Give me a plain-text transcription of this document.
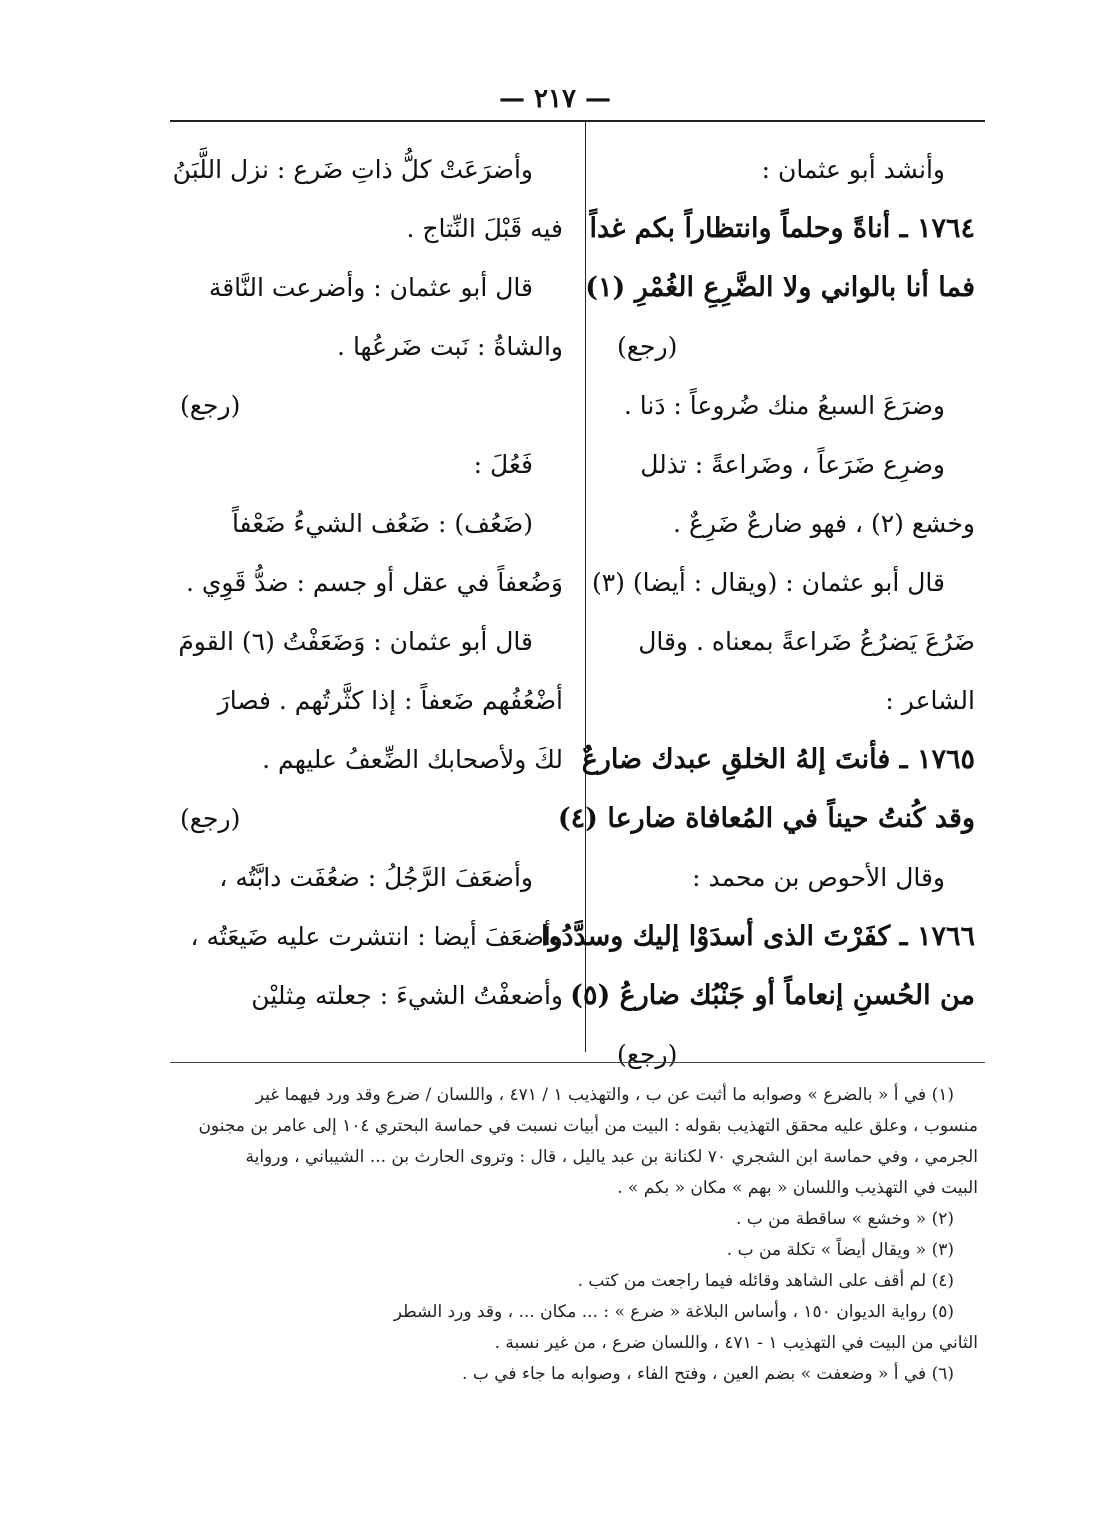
— ٢١٧ —
وأنشد أبو عثمان :
١٧٦٤ ـ أناةً وحلماً وانتظاراً بكم غداً
فما أنا بالواني ولا الضَّرِعِ الغُمْرِ (١)
(رجع)
وضرَعَ السبعُ منك ضُروعاً : دَنا .
وضرِع ضَرَعاً ، وضَراعةً : تذلل
وخشع (٢) ، فهو ضارعٌ ضَرِعٌ .
قال أبو عثمان : (ويقال : أيضا) (٣)
ضَرُعَ يَضرُعُ ضَراعةً بمعناه . وقال
الشاعر :
١٧٦٥ ـ فأنتَ إلهُ الخلقِ عبدك ضارعٌ
وقد كُنتُ حيناً في المُعافاة ضارعا (٤)
وقال الأحوص بن محمد :
١٧٦٦ ـ كفَرْتَ الذى أسدَوْا إليك وسدَّدُوا
من الحُسنِ إنعاماً أو جَنْبُك ضارعُ (٥)
(رجع)
وأضرَعَتْ كلُّ ذاتِ ضَرع : نزل اللَّبَنُ
فيه قَبْلَ النِّتاج .
قال أبو عثمان : وأضرعت النَّاقة
والشاةُ : نَبت ضَرعُها .
(رجع)
فَعُلَ :
(ضَعُف) : ضَعُف الشيءُ ضَعْفاً
وَضُعفاً في عقل أو جسم : ضدُّ قَوِي .
قال أبو عثمان : وَضَعَفْتُ (٦) القومَ
أضْعُفُهم ضَعفاً : إذا كثَّرتُهم . فصارَ
لكَ ولأصحابك الضِّعفُ عليهم .
(رجع)
وأضعَفَ الرَّجُلُ : ضعُفَت دابَّتُه ،
وأضعَفَ أيضا : انتشرت عليه ضَيعَتُه ،
وأضعفْتُ الشيءَ : جعلته مِثليْن
(١) في أ « بالضرع » وصوابه ما أثبت عن ب ، والتهذيب ١ / ٤٧١ ، واللسان / ضرع وقد ورد فيهما غير
منسوب ، وعلق عليه محقق التهذيب بقوله : البيت من أبيات نسبت في حماسة البحتري ١٠٤ إلى عامر بن مجنون
الجرمي ، وفي حماسة ابن الشجري ٧٠ لكنانة بن عبد ياليل ، قال : وتروى الحارث بن ... الشيباني ، ورواية
البيت في التهذيب واللسان « بهم » مكان « بكم » .
(٢) « وخشع » ساقطة من ب .
(٣) « ويقال أيضاً » تكلة من ب .
(٤) لم أقف على الشاهد وقائله فيما راجعت من كتب .
(٥) رواية الديوان ١٥٠ ، وأساس البلاغة « ضرع » : ... مكان ... ، وقد ورد الشطر
الثاني من البيت في التهذيب ١ - ٤٧١ ، واللسان ضرع ، من غير نسبة .
(٦) في أ « وضعفت » بضم العين ، وفتح الفاء ، وصوابه ما جاء في ب .
